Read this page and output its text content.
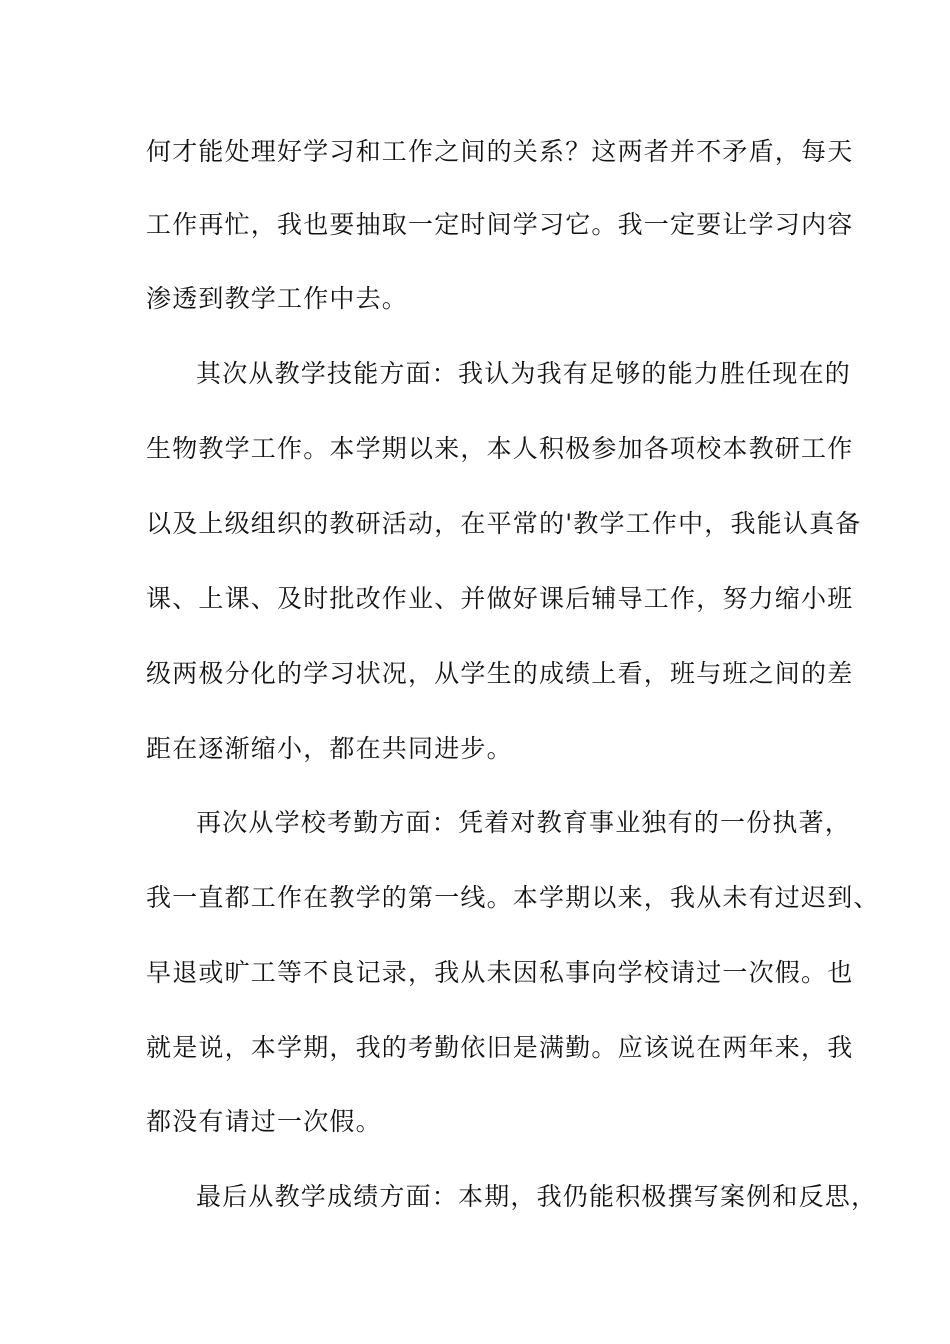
何才能处理好学习和工作之间的关系？这两者并不矛盾，每天
工作再忙，我也要抽取一定时间学习它。我一定要让学习内容
渗透到教学工作中去。
其次从教学技能方面：我认为我有足够的能力胜任现在的
生物教学工作。本学期以来，本人积极参加各项校本教研工作
以及上级组织的教研活动，在平常的'教学工作中，我能认真备
课、上课、及时批改作业、并做好课后辅导工作，努力缩小班
级两极分化的学习状况，从学生的成绩上看，班与班之间的差
距在逐渐缩小，都在共同进步。
再次从学校考勤方面：凭着对教育事业独有的一份执著，
我一直都工作在教学的第一线。本学期以来，我从未有过迟到、
早退或旷工等不良记录，我从未因私事向学校请过一次假。也
就是说，本学期，我的考勤依旧是满勤。应该说在两年来，我
都没有请过一次假。
最后从教学成绩方面：本期，我仍能积极撰写案例和反思，
